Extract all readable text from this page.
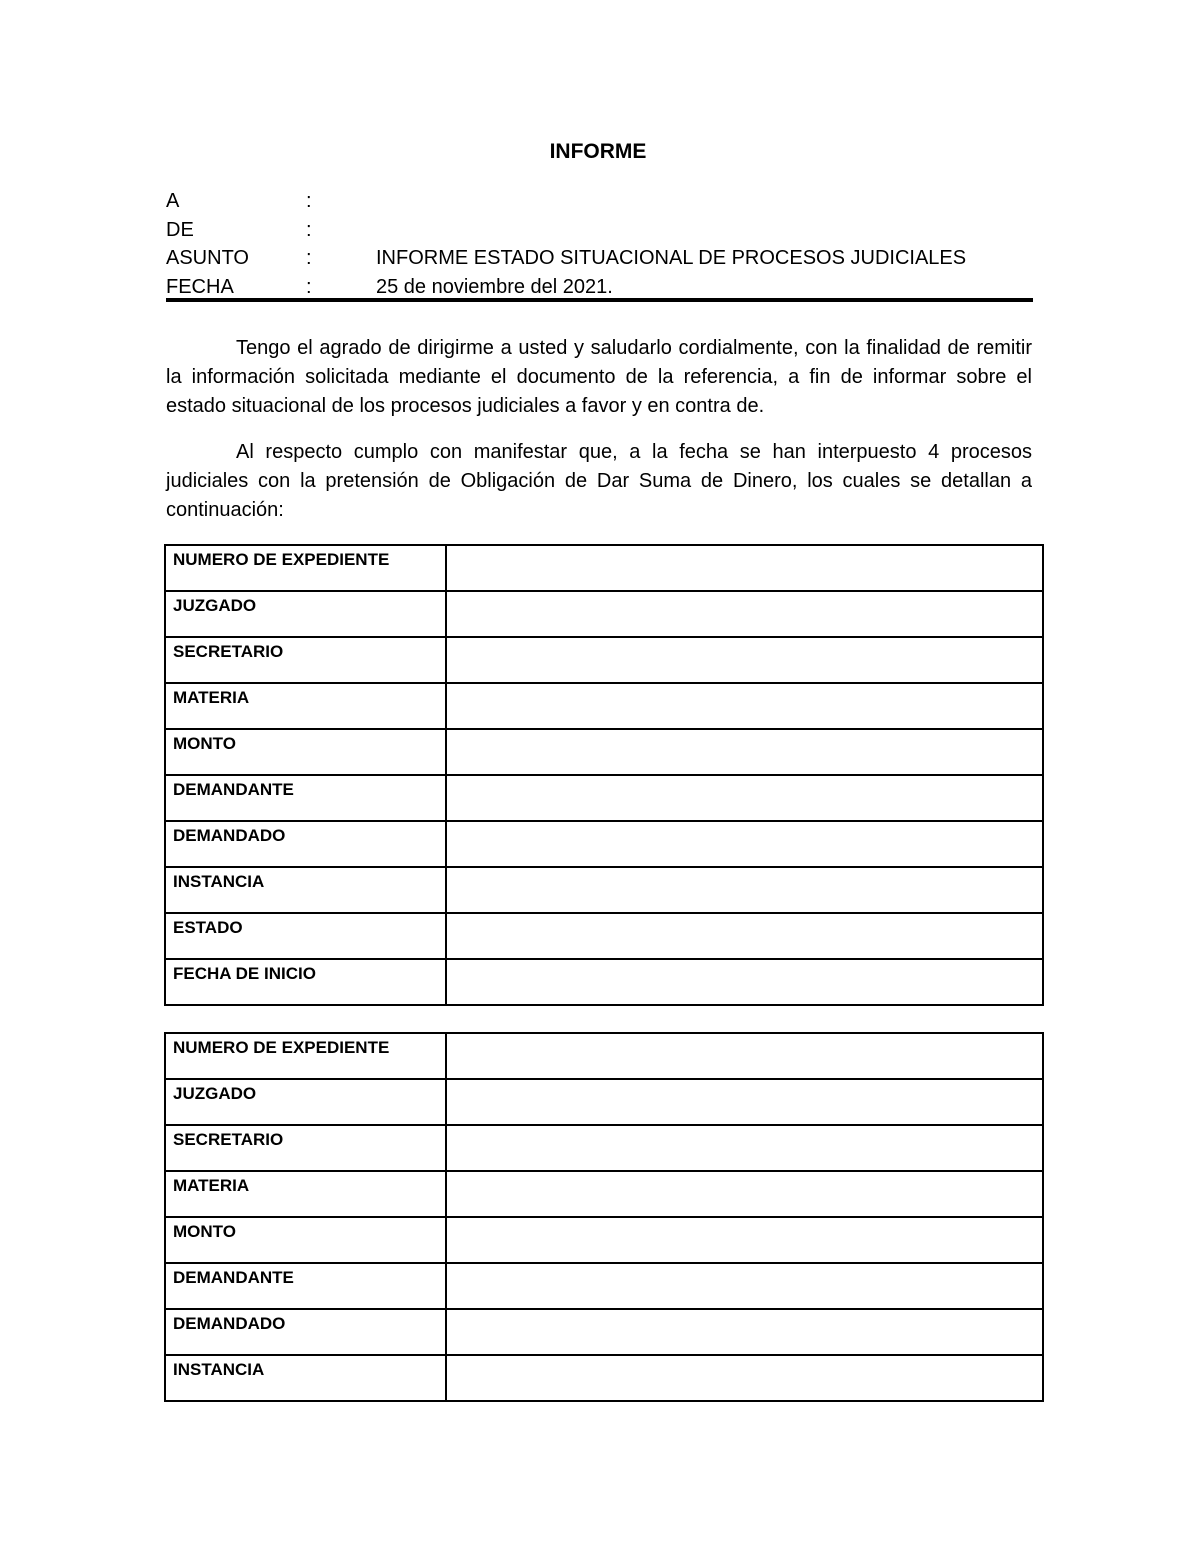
INFORME
A	:
DE	:
ASUNTO	:	INFORME ESTADO SITUACIONAL DE PROCESOS JUDICIALES
FECHA	:	25 de noviembre del 2021.

Tengo el agrado de dirigirme a usted y saludarlo cordialmente, con la finalidad de remitir la información solicitada mediante el documento de la referencia, a fin de informar sobre el estado situacional de los procesos judiciales a favor y en contra de.

Al respecto cumplo con manifestar que, a la fecha se han interpuesto 4 procesos judiciales con la pretensión de Obligación de Dar Suma de Dinero, los cuales se detallan a continuación:

NUMERO DE EXPEDIENTE	
JUZGADO	
SECRETARIO	
MATERIA	
MONTO	
DEMANDANTE	
DEMANDADO	
INSTANCIA	
ESTADO	
FECHA DE INICIO	
NUMERO DE EXPEDIENTE	
JUZGADO	
SECRETARIO	
MATERIA	
MONTO	
DEMANDANTE	
DEMANDADO	
INSTANCIA	
